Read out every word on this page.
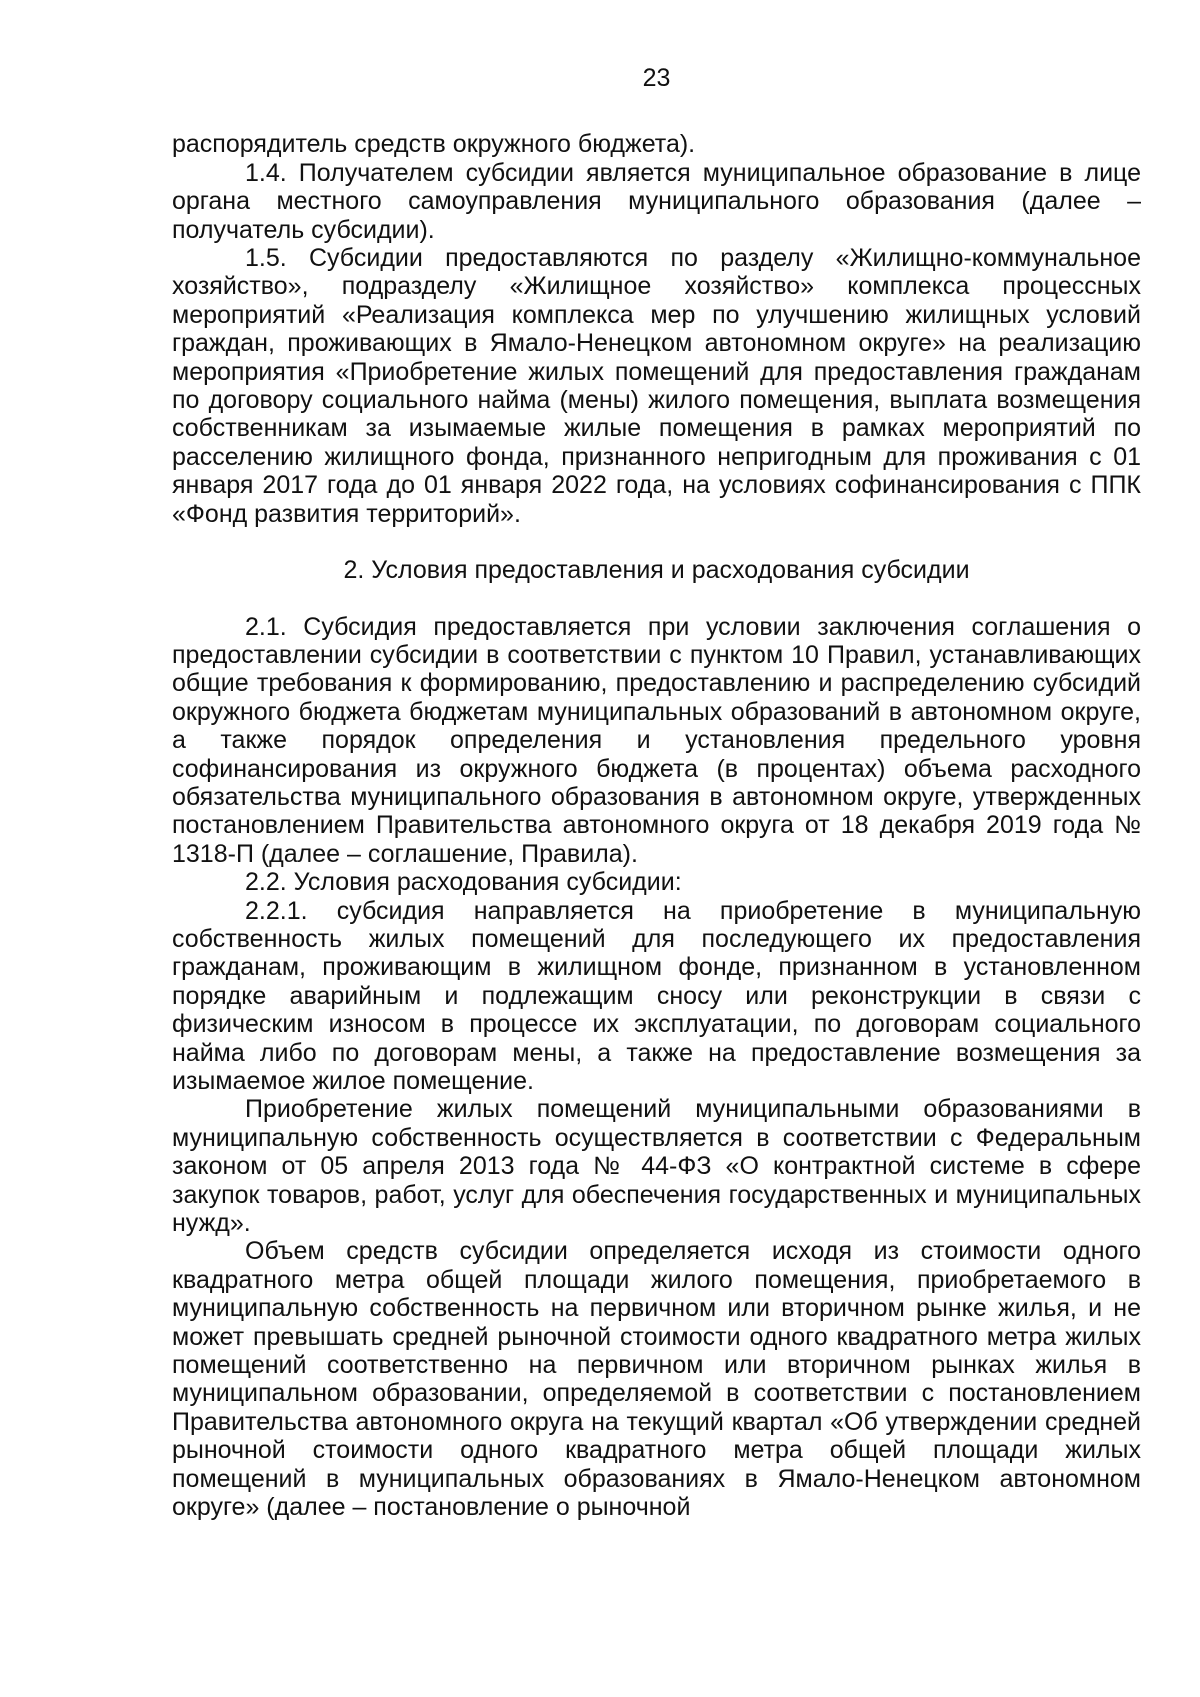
23

распорядитель средств окружного бюджета).

1.4. Получателем субсидии является муниципальное образование в лице органа местного самоуправления муниципального образования (далее – получатель субсидии).

1.5. Субсидии предоставляются по разделу «Жилищно-коммунальное хозяйство», подразделу «Жилищное хозяйство» комплекса процессных мероприятий «Реализация комплекса мер по улучшению жилищных условий граждан, проживающих в Ямало-Ненецком автономном округе» на реализацию мероприятия «Приобретение жилых помещений для предоставления гражданам по договору социального найма (мены) жилого помещения, выплата возмещения собственникам за изымаемые жилые помещения в рамках мероприятий по расселению жилищного фонда, признанного непригодным для проживания с 01 января 2017 года до 01 января 2022 года, на условиях софинансирования с ППК «Фонд развития территорий».

2. Условия предоставления и расходования субсидии

2.1. Субсидия предоставляется при условии заключения соглашения о предоставлении субсидии в соответствии с пунктом 10 Правил, устанавливающих общие требования к формированию, предоставлению и распределению субсидий окружного бюджета бюджетам муниципальных образований в автономном округе, а также порядок определения и установления предельного уровня софинансирования из окружного бюджета (в процентах) объема расходного обязательства муниципального образования в автономном округе, утвержденных постановлением Правительства автономного округа от 18 декабря 2019 года № 1318-П (далее – соглашение, Правила).

2.2. Условия расходования субсидии:

2.2.1. субсидия направляется на приобретение в муниципальную собственность жилых помещений для последующего их предоставления гражданам, проживающим в жилищном фонде, признанном в установленном порядке аварийным и подлежащим сносу или реконструкции в связи с физическим износом в процессе их эксплуатации, по договорам социального найма либо по договорам мены, а также на предоставление возмещения за изымаемое жилое помещение.

Приобретение жилых помещений муниципальными образованиями в муниципальную собственность осуществляется в соответствии с Федеральным законом от 05 апреля 2013 года № 44-ФЗ «О контрактной системе в сфере закупок товаров, работ, услуг для обеспечения государственных и муниципальных нужд».

Объем средств субсидии определяется исходя из стоимости одного квадратного метра общей площади жилого помещения, приобретаемого в муниципальную собственность на первичном или вторичном рынке жилья, и не может превышать средней рыночной стоимости одного квадратного метра жилых помещений соответственно на первичном или вторичном рынках жилья в муниципальном образовании, определяемой в соответствии с постановлением Правительства автономного округа на текущий квартал «Об утверждении средней рыночной стоимости одного квадратного метра общей площади жилых помещений в муниципальных образованиях в Ямало-Ненецком автономном округе» (далее – постановление о рыночной
